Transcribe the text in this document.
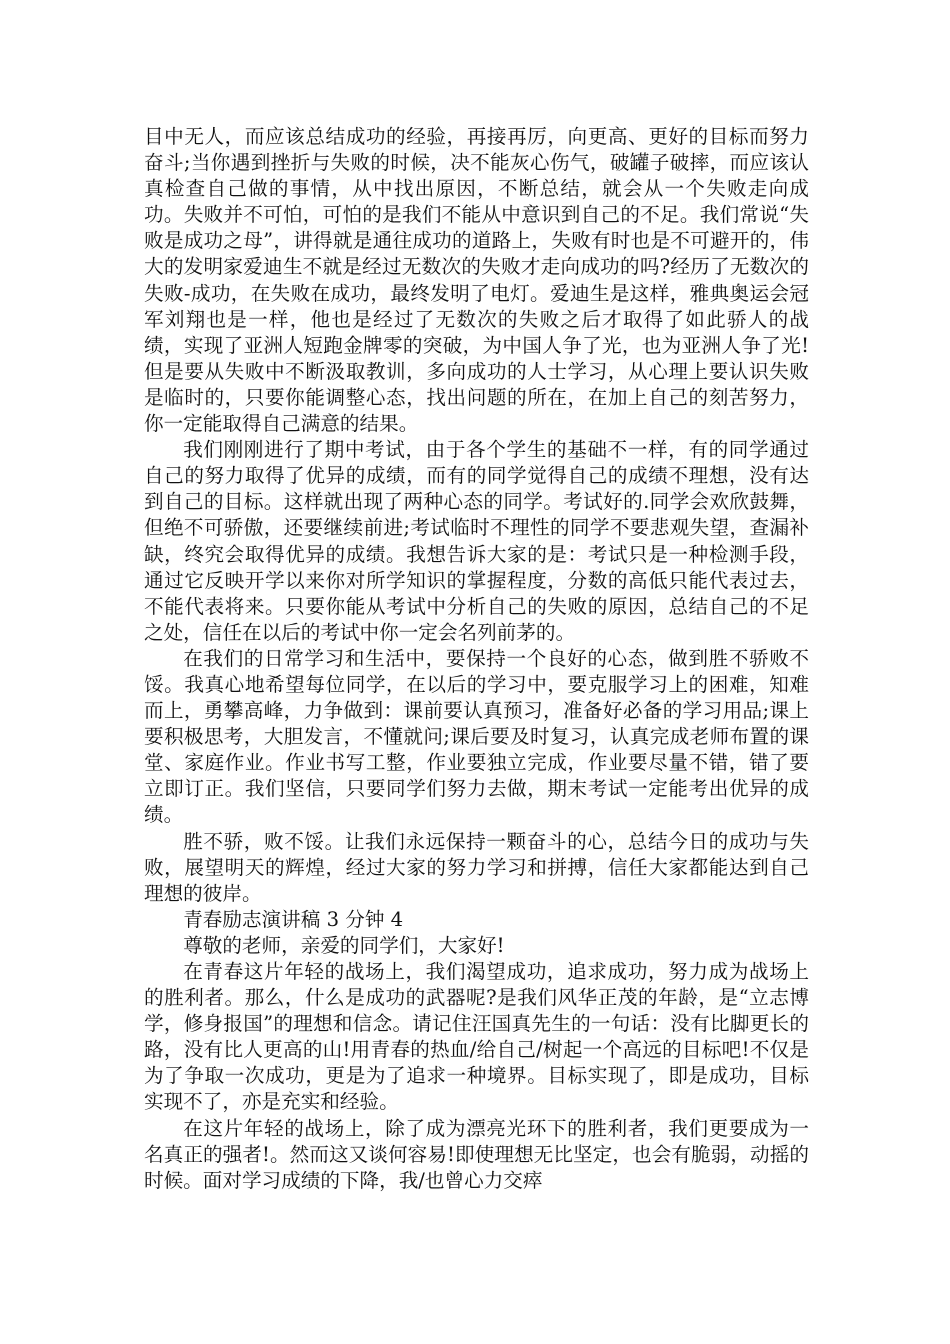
目中无人，而应该总结成功的经验，再接再厉，向更高、更好的目标而努力奋斗;当你遇到挫折与失败的时候，决不能灰心伤气，破罐子破摔，而应该认真检查自己做的事情，从中找出原因，不断总结，就会从一个失败走向成功。失败并不可怕，可怕的是我们不能从中意识到自己的不足。我们常说“失败是成功之母”，讲得就是通往成功的道路上，失败有时也是不可避开的，伟大的发明家爱迪生不就是经过无数次的失败才走向成功的吗?经历了无数次的失败-成功，在失败在成功，最终发明了电灯。爱迪生是这样，雅典奥运会冠军刘翔也是一样，他也是经过了无数次的失败之后才取得了如此骄人的战绩，实现了亚洲人短跑金牌零的突破，为中国人争了光，也为亚洲人争了光!但是要从失败中不断汲取教训，多向成功的人士学习，从心理上要认识失败是临时的，只要你能调整心态，找出问题的所在，在加上自己的刻苦努力，你一定能取得自己满意的结果。

我们刚刚进行了期中考试，由于各个学生的基础不一样，有的同学通过自己的努力取得了优异的成绩，而有的同学觉得自己的成绩不理想，没有达到自己的目标。这样就出现了两种心态的同学。考试好的.同学会欢欣鼓舞，但绝不可骄傲，还要继续前进;考试临时不理性的同学不要悲观失望，查漏补缺，终究会取得优异的成绩。我想告诉大家的是：考试只是一种检测手段，通过它反映开学以来你对所学知识的掌握程度，分数的高低只能代表过去，不能代表将来。只要你能从考试中分析自己的失败的原因，总结自己的不足之处，信任在以后的考试中你一定会名列前茅的。

在我们的日常学习和生活中，要保持一个良好的心态，做到胜不骄败不馁。我真心地希望每位同学，在以后的学习中，要克服学习上的困难，知难而上，勇攀高峰，力争做到：课前要认真预习，准备好必备的学习用品;课上要积极思考，大胆发言，不懂就问;课后要及时复习，认真完成老师布置的课堂、家庭作业。作业书写工整，作业要独立完成，作业要尽量不错，错了要立即订正。我们坚信，只要同学们努力去做，期末考试一定能考出优异的成绩。

胜不骄，败不馁。让我们永远保持一颗奋斗的心，总结今日的成功与失败，展望明天的辉煌，经过大家的努力学习和拼搏，信任大家都能达到自己理想的彼岸。

青春励志演讲稿 3 分钟 4

尊敬的老师，亲爱的同学们，大家好!

在青春这片年轻的战场上，我们渴望成功，追求成功，努力成为战场上的胜利者。那么，什么是成功的武器呢?是我们风华正茂的年龄，是“立志博学，修身报国”的理想和信念。请记住汪国真先生的一句话：没有比脚更长的路，没有比人更高的山!用青春的热血/给自己/树起一个高远的目标吧!不仅是为了争取一次成功，更是为了追求一种境界。目标实现了，即是成功，目标实现不了，亦是充实和经验。

在这片年轻的战场上，除了成为漂亮光环下的胜利者，我们更要成为一名真正的强者!。然而这又谈何容易!即使理想无比坚定，也会有脆弱，动摇的时候。面对学习成绩的下降，我/也曾心力交瘁
